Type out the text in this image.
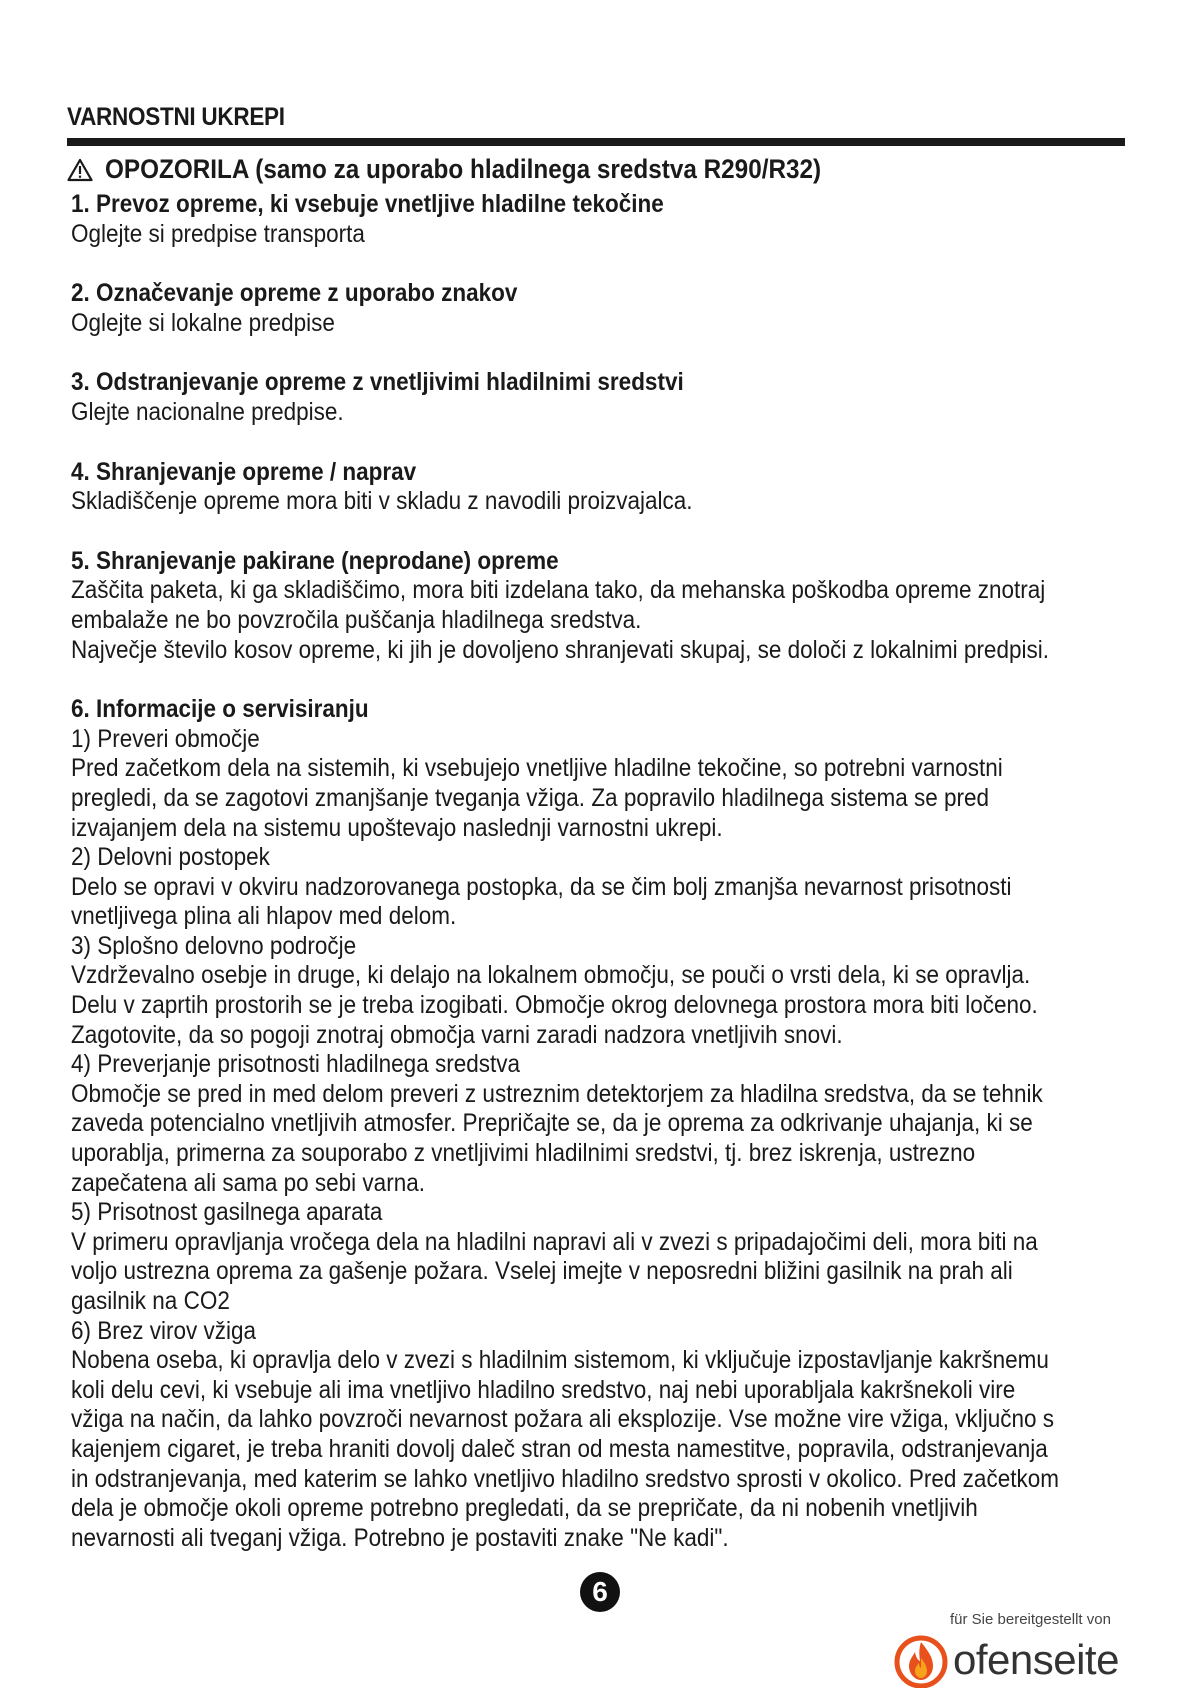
VARNOSTNI UKREPI
OPOZORILA (samo za uporabo hladilnega sredstva R290/R32)
1. Prevoz opreme, ki vsebuje vnetljive hladilne tekočine
Oglejte si predpise transporta
2. Označevanje opreme z uporabo znakov
Oglejte si lokalne predpise
3. Odstranjevanje opreme z vnetljivimi hladilnimi sredstvi
Glejte nacionalne predpise.
4. Shranjevanje opreme / naprav
Skladiščenje opreme mora biti v skladu z navodili proizvajalca.
5. Shranjevanje pakirane (neprodane) opreme
Zaščita paketa, ki ga skladiščimo, mora biti izdelana tako, da mehanska poškodba opreme znotraj
embalaže ne bo povzročila puščanja hladilnega sredstva.
Največje število kosov opreme, ki jih je dovoljeno shranjevati skupaj, se določi z lokalnimi predpisi.
6. Informacije o servisiranju
1) Preveri območje
Pred začetkom dela na sistemih, ki vsebujejo vnetljive hladilne tekočine, so potrebni varnostni
pregledi, da se zagotovi zmanjšanje tveganja vžiga. Za popravilo hladilnega sistema se pred
izvajanjem dela na sistemu upoštevajo naslednji varnostni ukrepi.
2) Delovni postopek
Delo se opravi v okviru nadzorovanega postopka, da se čim bolj zmanjša nevarnost prisotnosti
vnetljivega plina ali hlapov med delom.
3) Splošno delovno področje
Vzdrževalno osebje in druge, ki delajo na lokalnem območju, se pouči o vrsti dela, ki se opravlja.
Delu v zaprtih prostorih se je treba izogibati. Območje okrog delovnega prostora mora biti ločeno.
Zagotovite, da so pogoji znotraj območja varni zaradi nadzora vnetljivih snovi.
4) Preverjanje prisotnosti hladilnega sredstva
Območje se pred in med delom preveri z ustreznim detektorjem za hladilna sredstva, da se tehnik
zaveda potencialno vnetljivih atmosfer. Prepričajte se, da je oprema za odkrivanje uhajanja, ki se
uporablja, primerna za souporabo z vnetljivimi hladilnimi sredstvi, tj. brez iskrenja, ustrezno
zapečatena ali sama po sebi varna.
5) Prisotnost gasilnega aparata
V primeru opravljanja vročega dela na hladilni napravi ali v zvezi s pripadajočimi deli, mora biti na
voljo ustrezna oprema za gašenje požara. Vselej imejte v neposredni bližini gasilnik na prah ali
gasilnik na CO2
6) Brez virov vžiga
Nobena oseba, ki opravlja delo v zvezi s hladilnim sistemom, ki vključuje izpostavljanje kakršnemu
koli delu cevi, ki vsebuje ali ima vnetljivo hladilno sredstvo, naj nebi uporabljala kakršnekoli vire
vžiga na način, da lahko povzroči nevarnost požara ali eksplozije. Vse možne vire vžiga, vključno s
kajenjem cigaret, je treba hraniti dovolj daleč stran od mesta namestitve, popravila, odstranjevanja
in odstranjevanja, med katerim se lahko vnetljivo hladilno sredstvo sprosti v okolico. Pred začetkom
dela je območje okoli opreme potrebno pregledati, da se prepričate, da ni nobenih vnetljivih
nevarnosti ali tveganj vžiga. Potrebno je postaviti znake "Ne kadi".
6
für Sie bereitgestellt von
ofenseite
